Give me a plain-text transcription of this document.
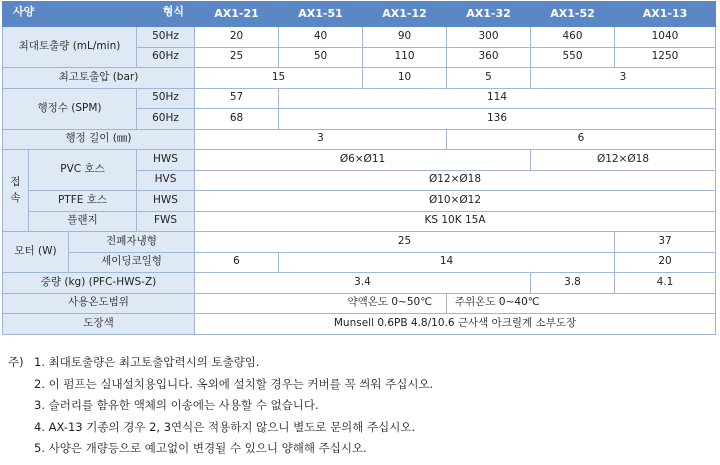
사양 형식				AX1-21	AX1-51	AX1-12	AX1-32	AX1-52	AX1-13
최대토출량 (mL/min)			50Hz	20	40	90	300	460	1040
			60Hz	25	50	110	360	550	1250
최고토출압 (bar)				15		10	5	3	
행정수 (SPM)			50Hz	57	114				
			60Hz	68	136				
행정 길이 (㎜)				3			6		

접
속	PVC 호스		HWS	Ø6×Ø11				Ø12×Ø18	
			HVS	Ø12×Ø18					
	PTFE 호스		HWS	Ø10×Ø12					
	플랜지		FWS	KS 10K 15A					
모터 (W)		전폐자냉형		25					37
		셰이딩코일형		6	14				20
중량 (kg) (PFC-HWS-Z)				3.4				3.8	4.1
사용온도범위				약액온도 0~50℃			주위온도 0~40℃		
도장색				Munsell 0.6PB 4.8/10.6 근사색 아크릴계 소부도장					
주) 1. 최대토출량은 최고토출압력시의 토출량임.
2. 이 펌프는 실내설치용입니다. 옥외에 설치할 경우는 커버를 꼭 씌워 주십시오.
3. 슬러리를 함유한 액체의 이송에는 사용할 수 없습니다.
4. AX-13 기종의 경우 2, 3연식은 적용하지 않으니 별도로 문의해 주십시오.
5. 사양은 개량등으로 예고없이 변경될 수 있으니 양해해 주십시오.
